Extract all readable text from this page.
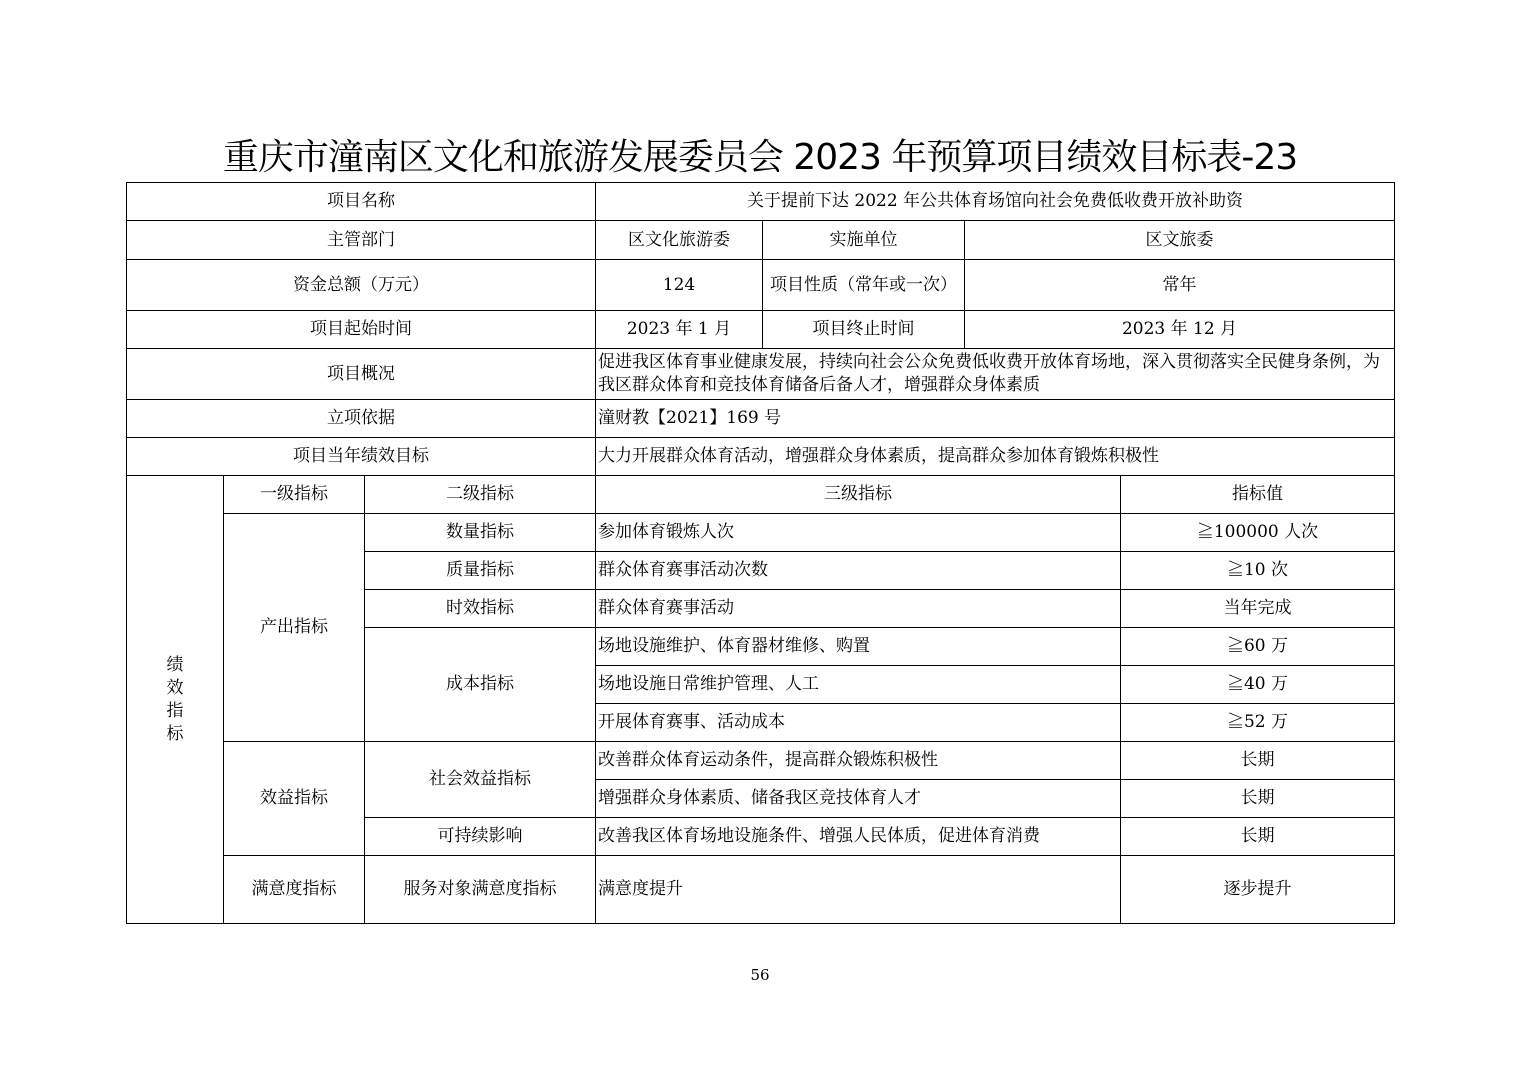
重庆市潼南区文化和旅游发展委员会 2023 年预算项目绩效目标表-23
项目名称			关于提前下达 2022 年公共体育场馆向社会免费低收费开放补助资			
主管部门			区文化旅游委	实施单位	区文旅委	
资金总额（万元）			124	项目性质（常年或一次）	常年	
项目起始时间			2023 年 1 月	项目终止时间	2023 年 12 月	
项目概况			促进我区体育事业健康发展，持续向社会公众免费低收费开放体育场地，深入贯彻落实全民健身条例，为我区群众体育和竞技体育储备后备人才，增强群众身体素质			
立项依据			潼财教【2021】169 号			
项目当年绩效目标			大力开展群众体育活动，增强群众身体素质，提高群众参加体育锻炼积极性			

绩
效
指
标	一级指标	二级指标	三级指标			指标值
	产出指标	数量指标	参加体育锻炼人次			≧100000 人次
		质量指标	群众体育赛事活动次数			≧10 次
		时效指标	群众体育赛事活动			当年完成
		成本指标	场地设施维护、体育器材维修、购置			≧60 万
			场地设施日常维护管理、人工			≧40 万
			开展体育赛事、活动成本			≧52 万
	效益指标	社会效益指标	改善群众体育运动条件，提高群众锻炼积极性			长期
			增强群众身体素质、储备我区竞技体育人才			长期
		可持续影响	改善我区体育场地设施条件、增强人民体质，促进体育消费			长期
	满意度指标	服务对象满意度指标	满意度提升			逐步提升
56
